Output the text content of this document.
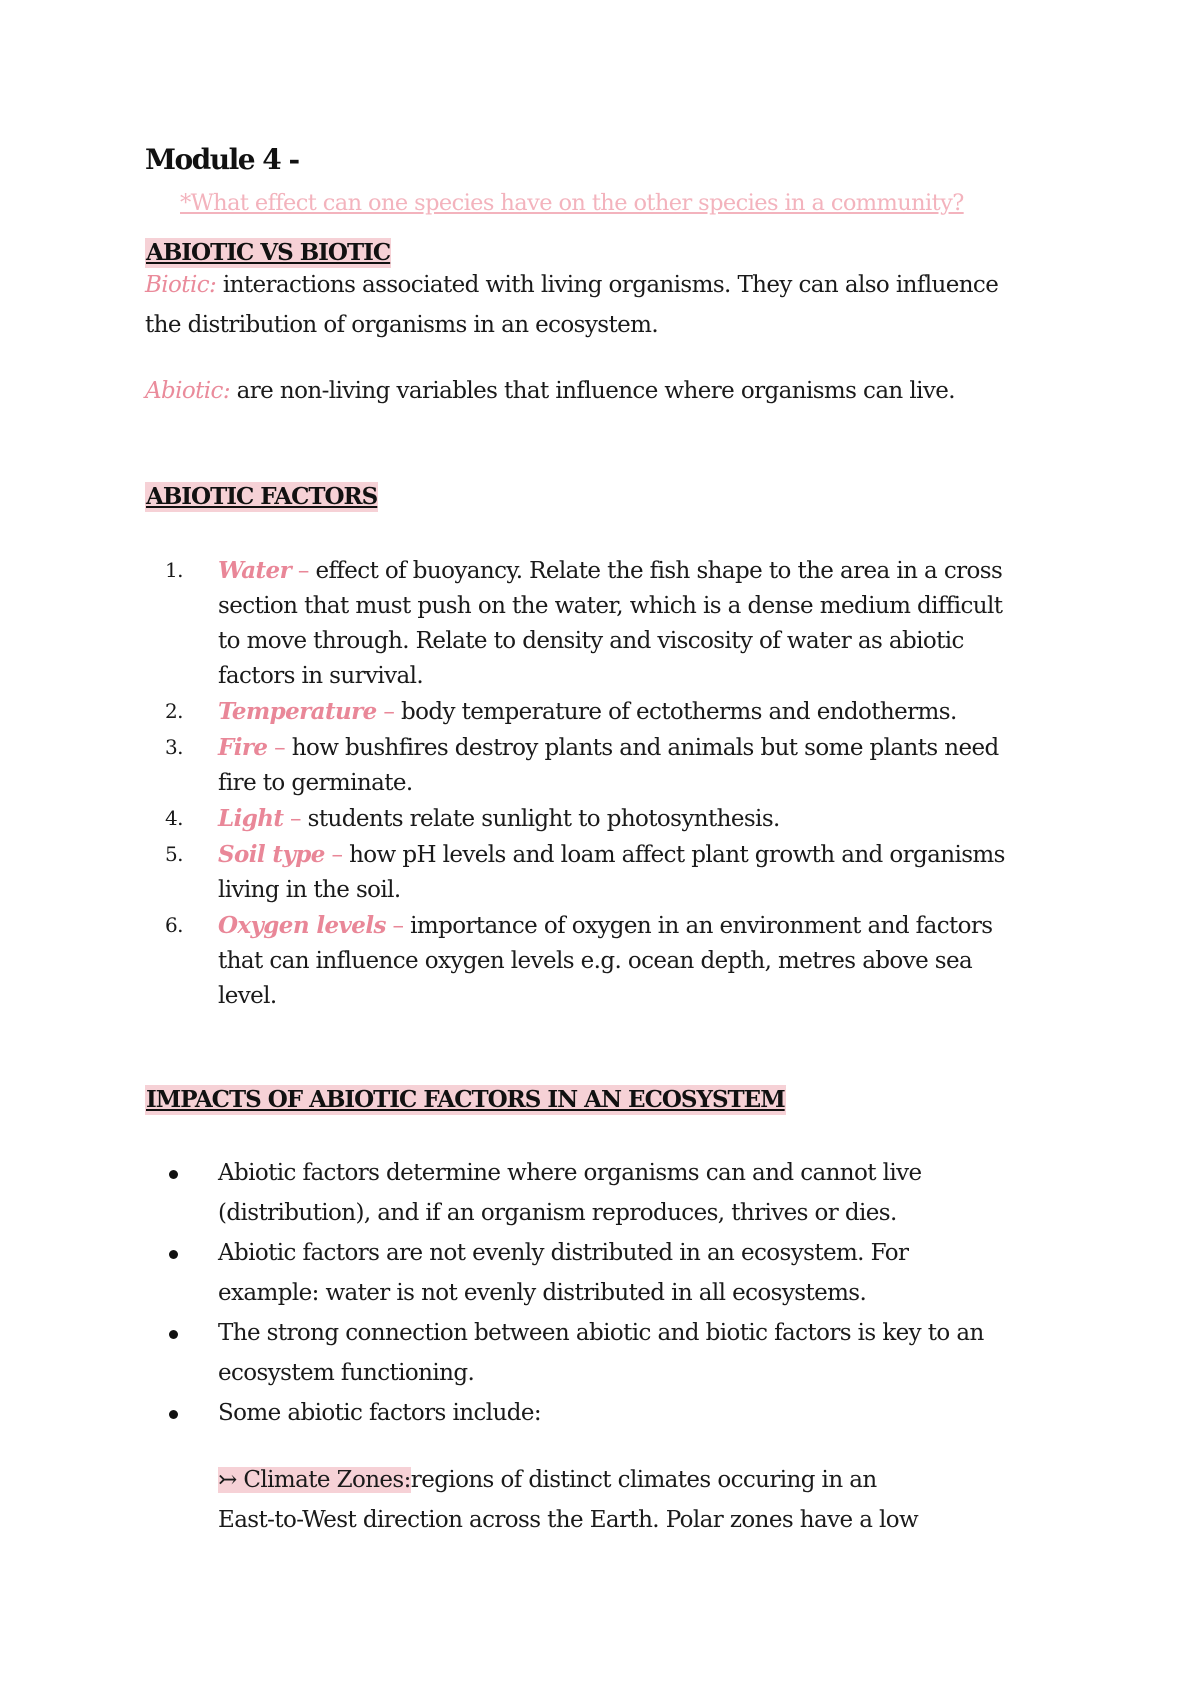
Module 4 -
*What effect can one species have on the other species in a community?
ABIOTIC VS BIOTIC
Biotic: interactions associated with living organisms. They can also influence
the distribution of organisms in an ecosystem.
Abiotic: are non-living variables that influence where organisms can live.
ABIOTIC FACTORS
1. Water – effect of buoyancy. Relate the fish shape to the area in a cross
section that must push on the water, which is a dense medium difficult
to move through. Relate to density and viscosity of water as abiotic
factors in survival.
2. Temperature – body temperature of ectotherms and endotherms.
3. Fire – how bushfires destroy plants and animals but some plants need
fire to germinate.
4. Light – students relate sunlight to photosynthesis.
5. Soil type – how pH levels and loam affect plant growth and organisms
living in the soil.
6. Oxygen levels – importance of oxygen in an environment and factors
that can influence oxygen levels e.g. ocean depth, metres above sea
level.
IMPACTS OF ABIOTIC FACTORS IN AN ECOSYSTEM
Abiotic factors determine where organisms can and cannot live
(distribution), and if an organism reproduces, thrives or dies.
Abiotic factors are not evenly distributed in an ecosystem. For
example: water is not evenly distributed in all ecosystems.
The strong connection between abiotic and biotic factors is key to an
ecosystem functioning.
Some abiotic factors include:
↣ Climate Zones:regions of distinct climates occuring in an
East-to-West direction across the Earth. Polar zones have a low
